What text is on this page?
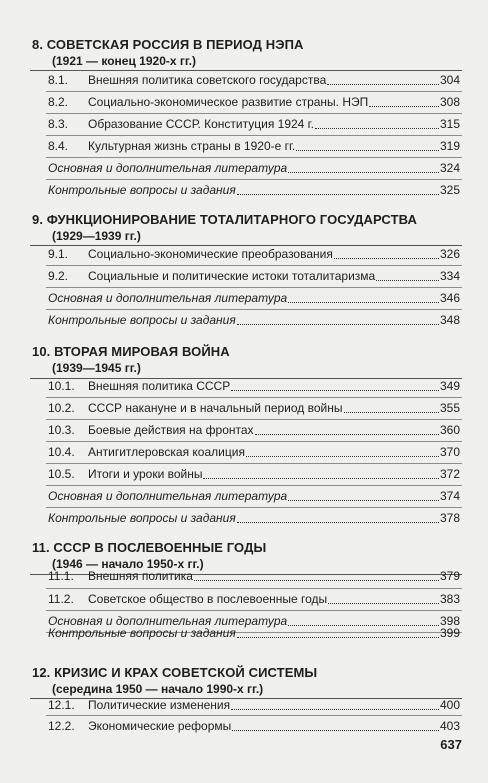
8. СОВЕТСКАЯ РОССИЯ В ПЕРИОД НЭПА
(1921 — конец 1920-х гг.)
8.1.	Внешняя политика советского государства	304
8.2.	Социально-экономическое развитие страны. НЭП	308
8.3.	Образование СССР. Конституция 1924 г.	315
8.4.	Культурная жизнь страны в 1920-е гг.	319
Основная и дополнительная литература	324
Контрольные вопросы и задания	325
9. ФУНКЦИОНИРОВАНИЕ ТОТАЛИТАРНОГО ГОСУДАРСТВА
(1929—1939 гг.)
9.1.	Социально-экономические преобразования	326
9.2.	Социальные и политические истоки тоталитаризма	334
Основная и дополнительная литература	346
Контрольные вопросы и задания	348
10. ВТОРАЯ МИРОВАЯ ВОЙНА
(1939—1945 гг.)
10.1.	Внешняя политика СССР	349
10.2.	СССР накануне и в начальный период войны	355
10.3.	Боевые действия на фронтах	360
10.4.	Антигитлеровская коалиция	370
10.5.	Итоги и уроки войны	372
Основная и дополнительная литература	374
Контрольные вопросы и задания	378
11. СССР В ПОСЛЕВОЕННЫЕ ГОДЫ
(1946 — начало 1950-х гг.)
11.1.	Внешняя политика	379
11.2.	Советское общество в послевоенные годы	383
Основная и дополнительная литература	398
Контрольные вопросы и задания	399
12. КРИЗИС И КРАХ СОВЕТСКОЙ СИСТЕМЫ
(середина 1950 — начало 1990-х гг.)
12.1.	Политические изменения	400
12.2.	Экономические реформы	403
637
